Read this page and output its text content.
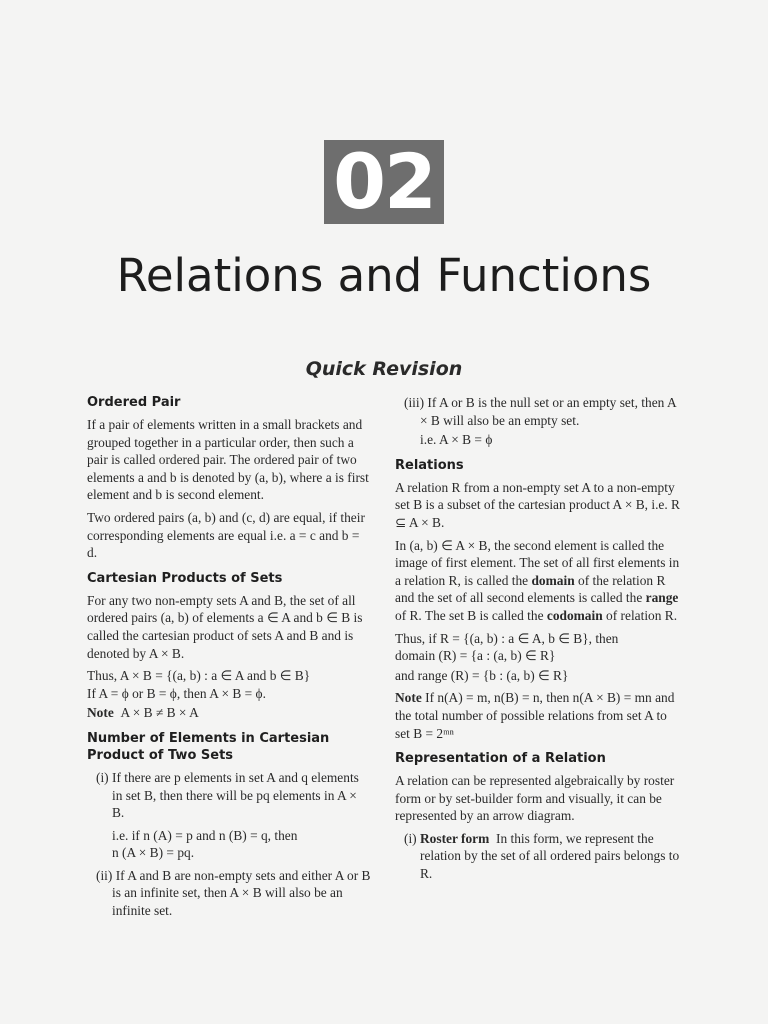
02
Relations and Functions
Quick Revision
Ordered Pair

If a pair of elements written in a small brackets and grouped together in a particular order, then such a pair is called ordered pair. The ordered pair of two elements a and b is denoted by (a, b), where a is first element and b is second element.

Two ordered pairs (a, b) and (c, d) are equal, if their corresponding elements are equal i.e. a = c and b = d.

Cartesian Products of Sets

For any two non-empty sets A and B, the set of all ordered pairs (a, b) of elements a ∈ A and b ∈ B is called the cartesian product of sets A and B and is denoted by A × B.

Thus, A × B = {(a, b) : a ∈ A and b ∈ B}

If A = ϕ or B = ϕ, then A × B = ϕ.

Note A × B ≠ B × A

Number of Elements in Cartesian Product of Two Sets

(i) If there are p elements in set A and q elements in set B, then there will be pq elements in A × B.

i.e. if n (A) = p and n (B) = q, then

n (A × B) = pq.

(ii) If A and B are non-empty sets and either A or B is an infinite set, then A × B will also be an infinite set.

(iii) If A or B is the null set or an empty set, then A × B will also be an empty set.

i.e. A × B = ϕ

Relations

A relation R from a non-empty set A to a non-empty set B is a subset of the cartesian product A × B, i.e. R ⊆ A × B.

In (a, b) ∈ A × B, the second element is called the image of first element. The set of all first elements in a relation R, is called the domain of the relation R and the set of all second elements is called the range of R. The set B is called the codomain of relation R.

Thus, if R = {(a, b) : a ∈ A, b ∈ B}, then

domain (R) = {a : (a, b) ∈ R}

and range (R) = {b : (a, b) ∈ R}

Note If n(A) = m, n(B) = n, then n(A × B) = mn and the total number of possible relations from set A to set B = 2ᵐⁿ

Representation of a Relation

A relation can be represented algebraically by roster form or by set-builder form and visually, it can be represented by an arrow diagram.

(i) Roster form In this form, we represent the relation by the set of all ordered pairs belongs to R.
